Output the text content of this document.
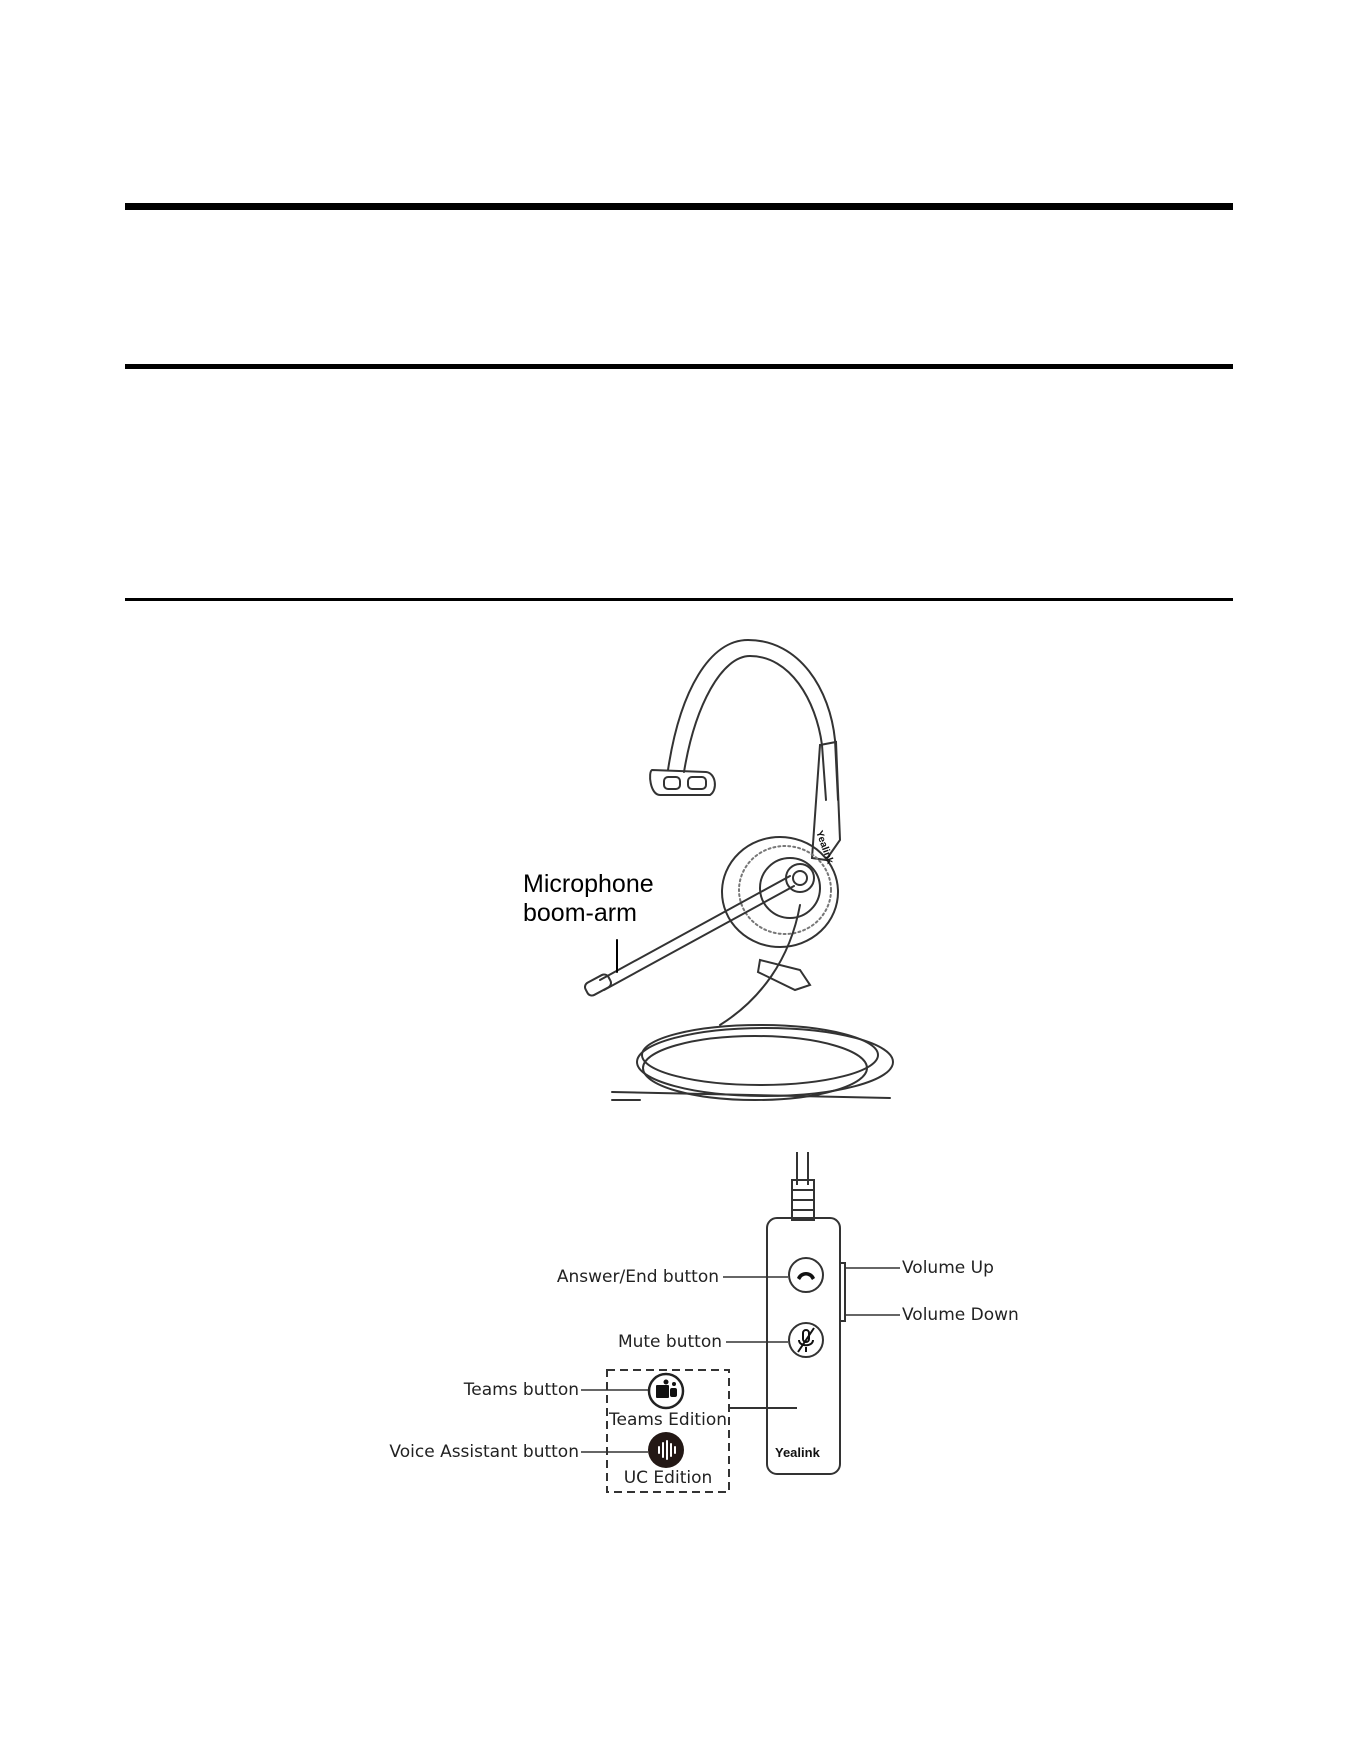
Yealink
Microphone
boom-arm
Yealink
Teams Edition
UC Edition
Answer/End button
Mute button
Teams button
Voice Assistant button
Volume Up
Volume Down
